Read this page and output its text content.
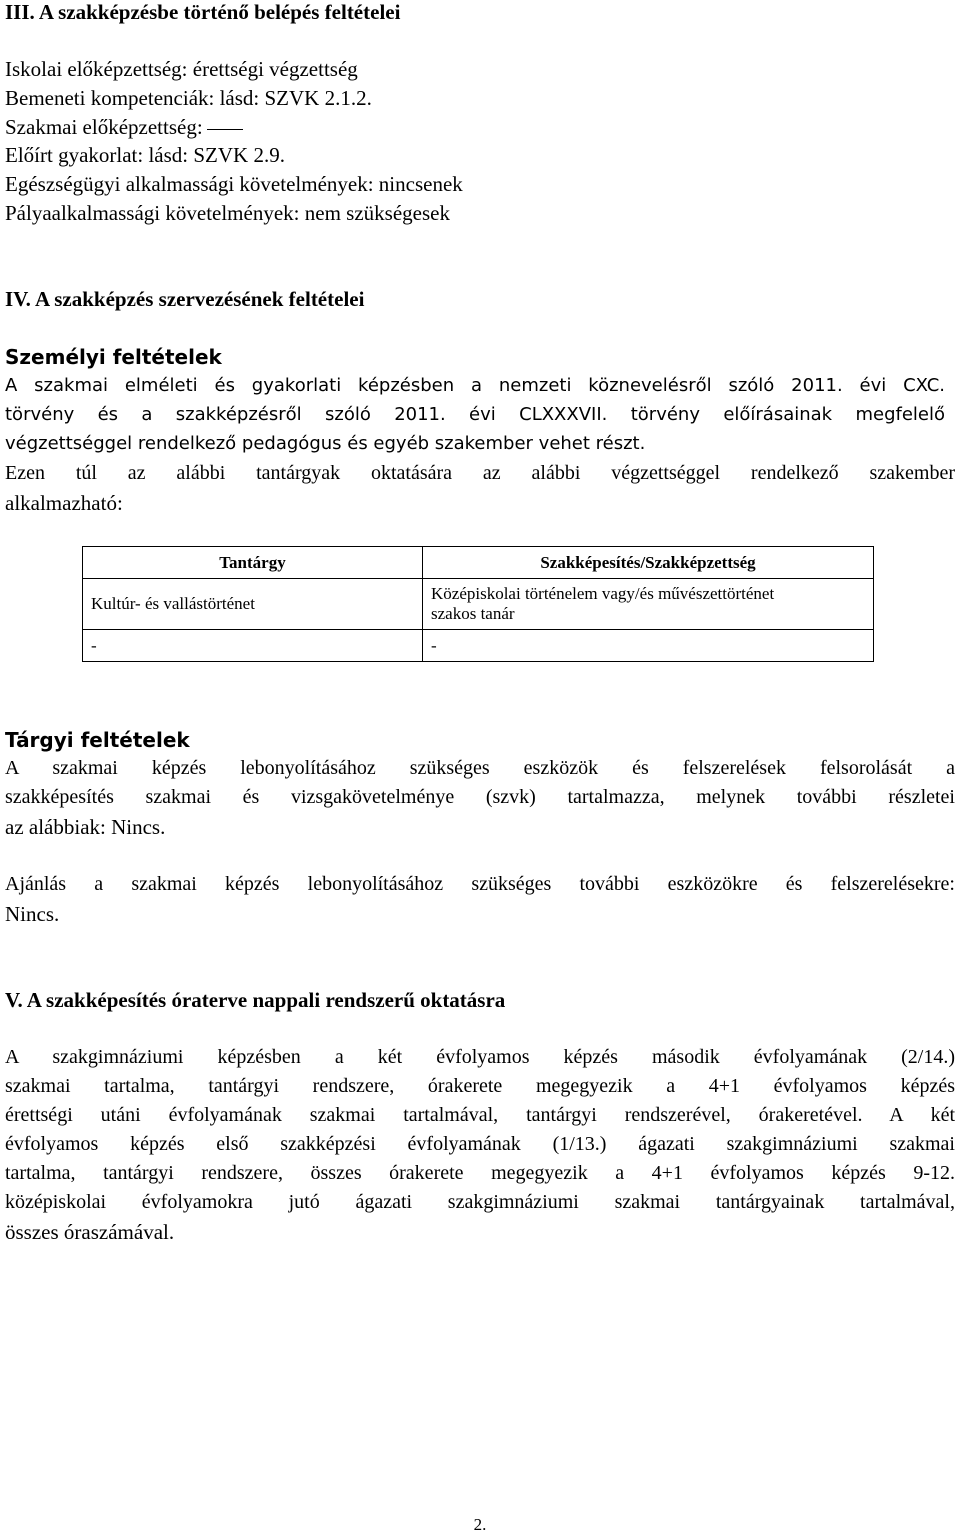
III. A szakképzésbe történő belépés feltételei
Iskolai előképzettség: érettségi végzettség
Bemeneti kompetenciák: lásd: SZVK 2.1.2.
Szakmai előképzettség:
Előírt gyakorlat: lásd: SZVK 2.9.
Egészségügyi alkalmassági követelmények: nincsenek
Pályaalkalmassági követelmények: nem szükségesek
IV. A szakképzés szervezésének feltételei
Személyi feltételek
A szakmai elméleti és gyakorlati képzésben a nemzeti köznevelésről szóló 2011. évi CXC.
törvény és a szakképzésről szóló 2011. évi CLXXXVII. törvény előírásainak megfelelő
végzettséggel rendelkező pedagógus és egyéb szakember vehet részt.
Ezen túl az alábbi tantárgyak oktatására az alábbi végzettséggel rendelkező szakember
alkalmazható:
Tárgyi feltételek
A szakmai képzés lebonyolításához szükséges eszközök és felszerelések felsorolását a
szakképesítés szakmai és vizsgakövetelménye (szvk) tartalmazza, melynek további részletei
az alábbiak: Nincs.
Ajánlás a szakmai képzés lebonyolításához szükséges további eszközökre és felszerelésekre:
Nincs.
V. A szakképesítés óraterve nappali rendszerű oktatásra
A szakgimnáziumi képzésben a két évfolyamos képzés második évfolyamának (2/14.)
szakmai tartalma, tantárgyi rendszere, órakerete megegyezik a 4+1 évfolyamos képzés
érettségi utáni évfolyamának szakmai tartalmával, tantárgyi rendszerével, órakeretével. A két
évfolyamos képzés első szakképzési évfolyamának (1/13.) ágazati szakgimnáziumi szakmai
tartalma, tantárgyi rendszere, összes órakerete megegyezik a 4+1 évfolyamos képzés 9-12.
középiskolai évfolyamokra jutó ágazati szakgimnáziumi szakmai tantárgyainak tartalmával,
összes óraszámával.
Tantárgy	Szakképesítés/Szakképzettség
Kultúr- és vallástörténet	Középiskolai történelem vagy/és művészettörténet
szakos tanár

-	-
2.
